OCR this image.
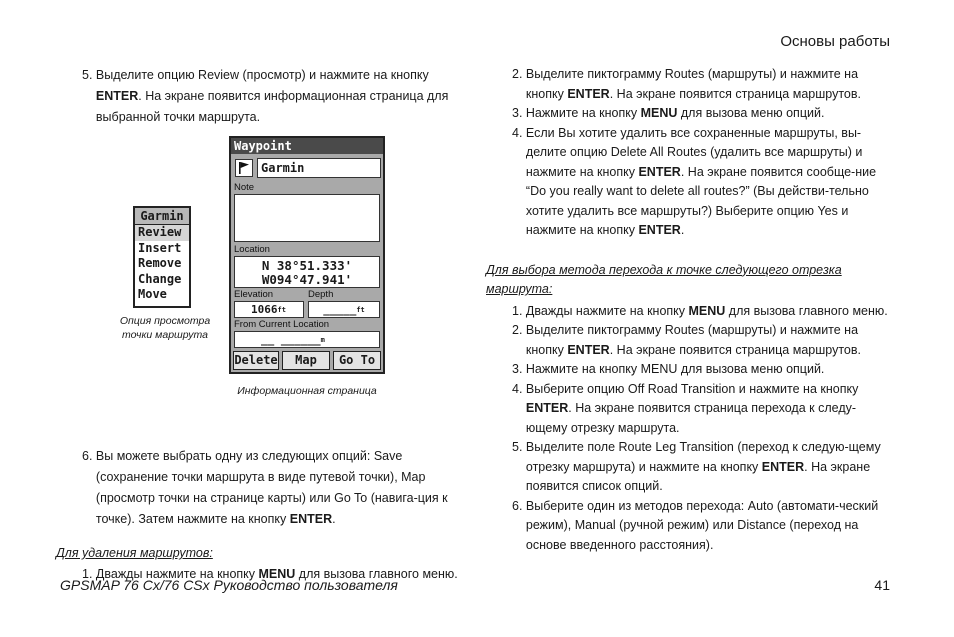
Основы работы
5. Выделите опцию Review (просмотр) и нажмите на кнопку ENTER. На экране появится информационная страница для выбранной точки маршрута.
Garmin
Review
Insert
Remove
Change
Move
Опция просмотра
точки маршрута
Waypoint
Garmin
Note
Location
N 38°51.333'
W094°47.941'
Elevation	Depth
$1066^{ft}$	_____$^{ft}$
From Current Location
__ ______$^m$
Delete	Map	Go To
Информационная страница
6. Вы можете выбрать одну из следующих опций: Save (сохранение точки маршрута в виде путевой точки), Map (просмотр точки на странице карты) или Go To (навига-ция к точке). Затем нажмите на кнопку ENTER.
Для удаления маршрутов:
1. Дважды нажмите на кнопку MENU для вызова главного меню.
2. Выделите пиктограмму Routes (маршруты) и нажмите на кнопку ENTER. На экране появится страница маршрутов.
3. Нажмите на кнопку MENU для вызова меню опций.
4. Если Вы хотите удалить все сохраненные маршруты, вы-делите опцию Delete All Routes (удалить все маршруты) и нажмите на кнопку ENTER. На экране появится сообще-ние “Do you really want to delete all routes?” (Вы действи-тельно хотите удалить все маршруты?) Выберите опцию Yes и нажмите на кнопку ENTER.
Для выбора метода перехода к точке следующего отрезка маршрута:
1. Дважды нажмите на кнопку MENU для вызова главного меню.
2. Выделите пиктограмму Routes (маршруты) и нажмите на кнопку ENTER. На экране появится страница маршрутов.
3. Нажмите на кнопку MENU для вызова меню опций.
4. Выберите опцию Off Road Transition и нажмите на кнопку ENTER. На экране появится страница перехода к следу-ющему отрезку маршрута.
5. Выделите поле Route Leg Transition (переход к следую-щему отрезку маршрута) и нажмите на кнопку ENTER. На экране появится список опций.
6. Выберите один из методов перехода: Auto (автомати-ческий режим), Manual (ручной режим) или Distance (переход на основе введенного расстояния).
GPSMAP 76 Cx/76 CSx Руководство пользователя	41
